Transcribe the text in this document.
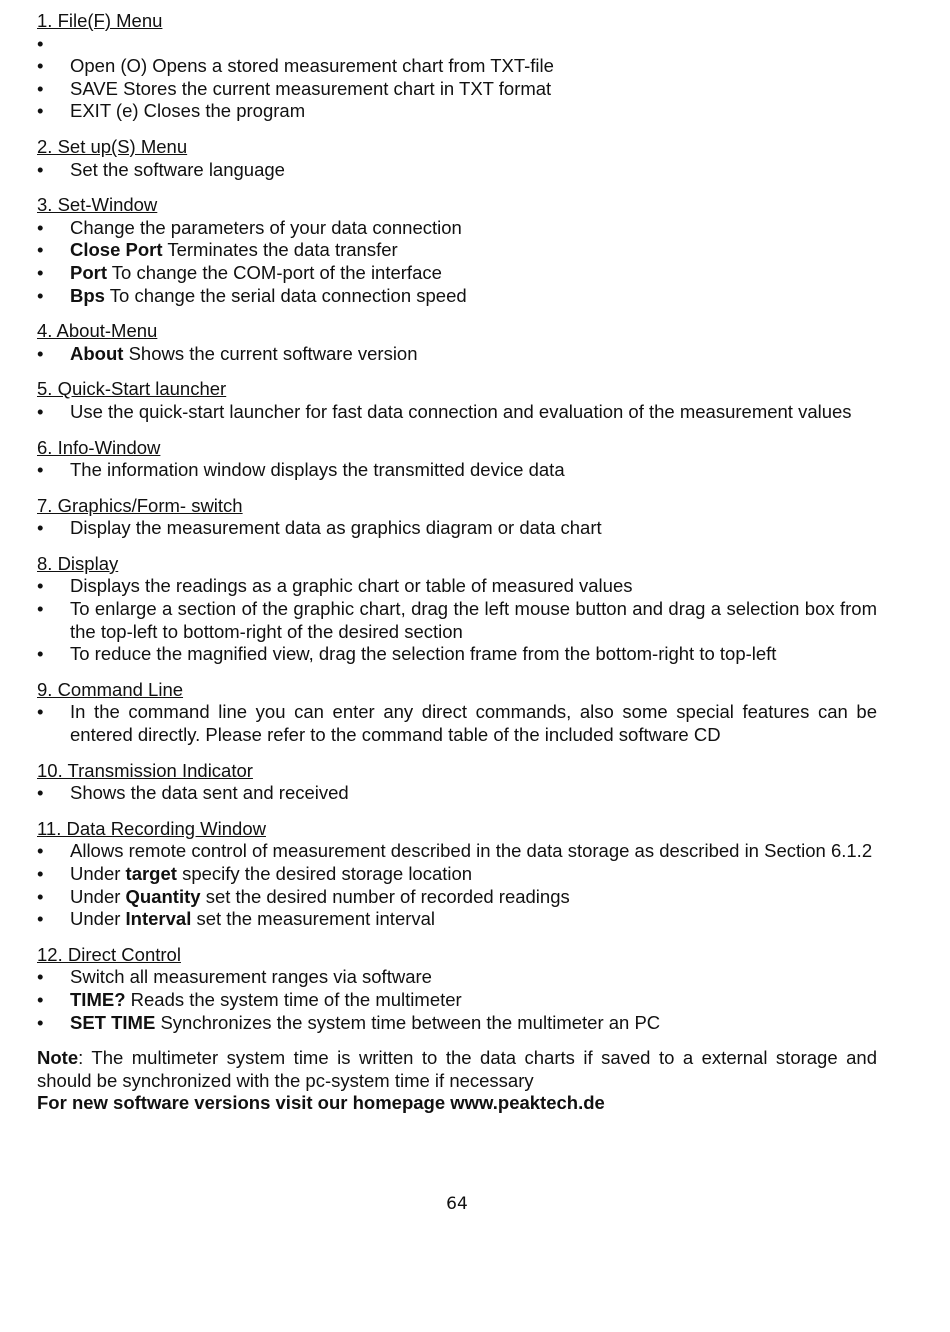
1. File(F) Menu
•
• Open (O) Opens a stored measurement chart from TXT-file
• SAVE Stores the current measurement chart in TXT format
• EXIT (e) Closes the program
2. Set up(S) Menu
• Set the software language
3. Set-Window
• Change the parameters of your data connection
• Close Port Terminates the data transfer
• Port To change the COM-port of the interface
• Bps To change the serial data connection speed
4. About-Menu
• About Shows the current software version
5. Quick-Start launcher
• Use the quick-start launcher for fast data connection and evaluation of the measurement values
6. Info-Window
• The information window displays the transmitted device data
7. Graphics/Form- switch
• Display the measurement data as graphics diagram or data chart
8. Display
• Displays the readings as a graphic chart or table of measured values
• To enlarge a section of the graphic chart, drag the left mouse button and drag a selection box from the top-left to bottom-right of the desired section
• To reduce the magnified view, drag the selection frame from the bottom-right to top-left
9. Command Line
• In the command line you can enter any direct commands, also some special features can be entered directly. Please refer to the command table of the included software CD
10. Transmission Indicator
• Shows the data sent and received
11. Data Recording Window
• Allows remote control of measurement described in the data storage as described in Section 6.1.2
• Under target specify the desired storage location
• Under Quantity set the desired number of recorded readings
• Under Interval set the measurement interval
12. Direct Control
• Switch all measurement ranges via software
• TIME? Reads the system time of the multimeter
• SET TIME Synchronizes the system time between the multimeter an PC
Note: The multimeter system time is written to the data charts if saved to a external storage and should be synchronized with the pc-system time if necessary
For new software versions visit our homepage www.peaktech.de
64
